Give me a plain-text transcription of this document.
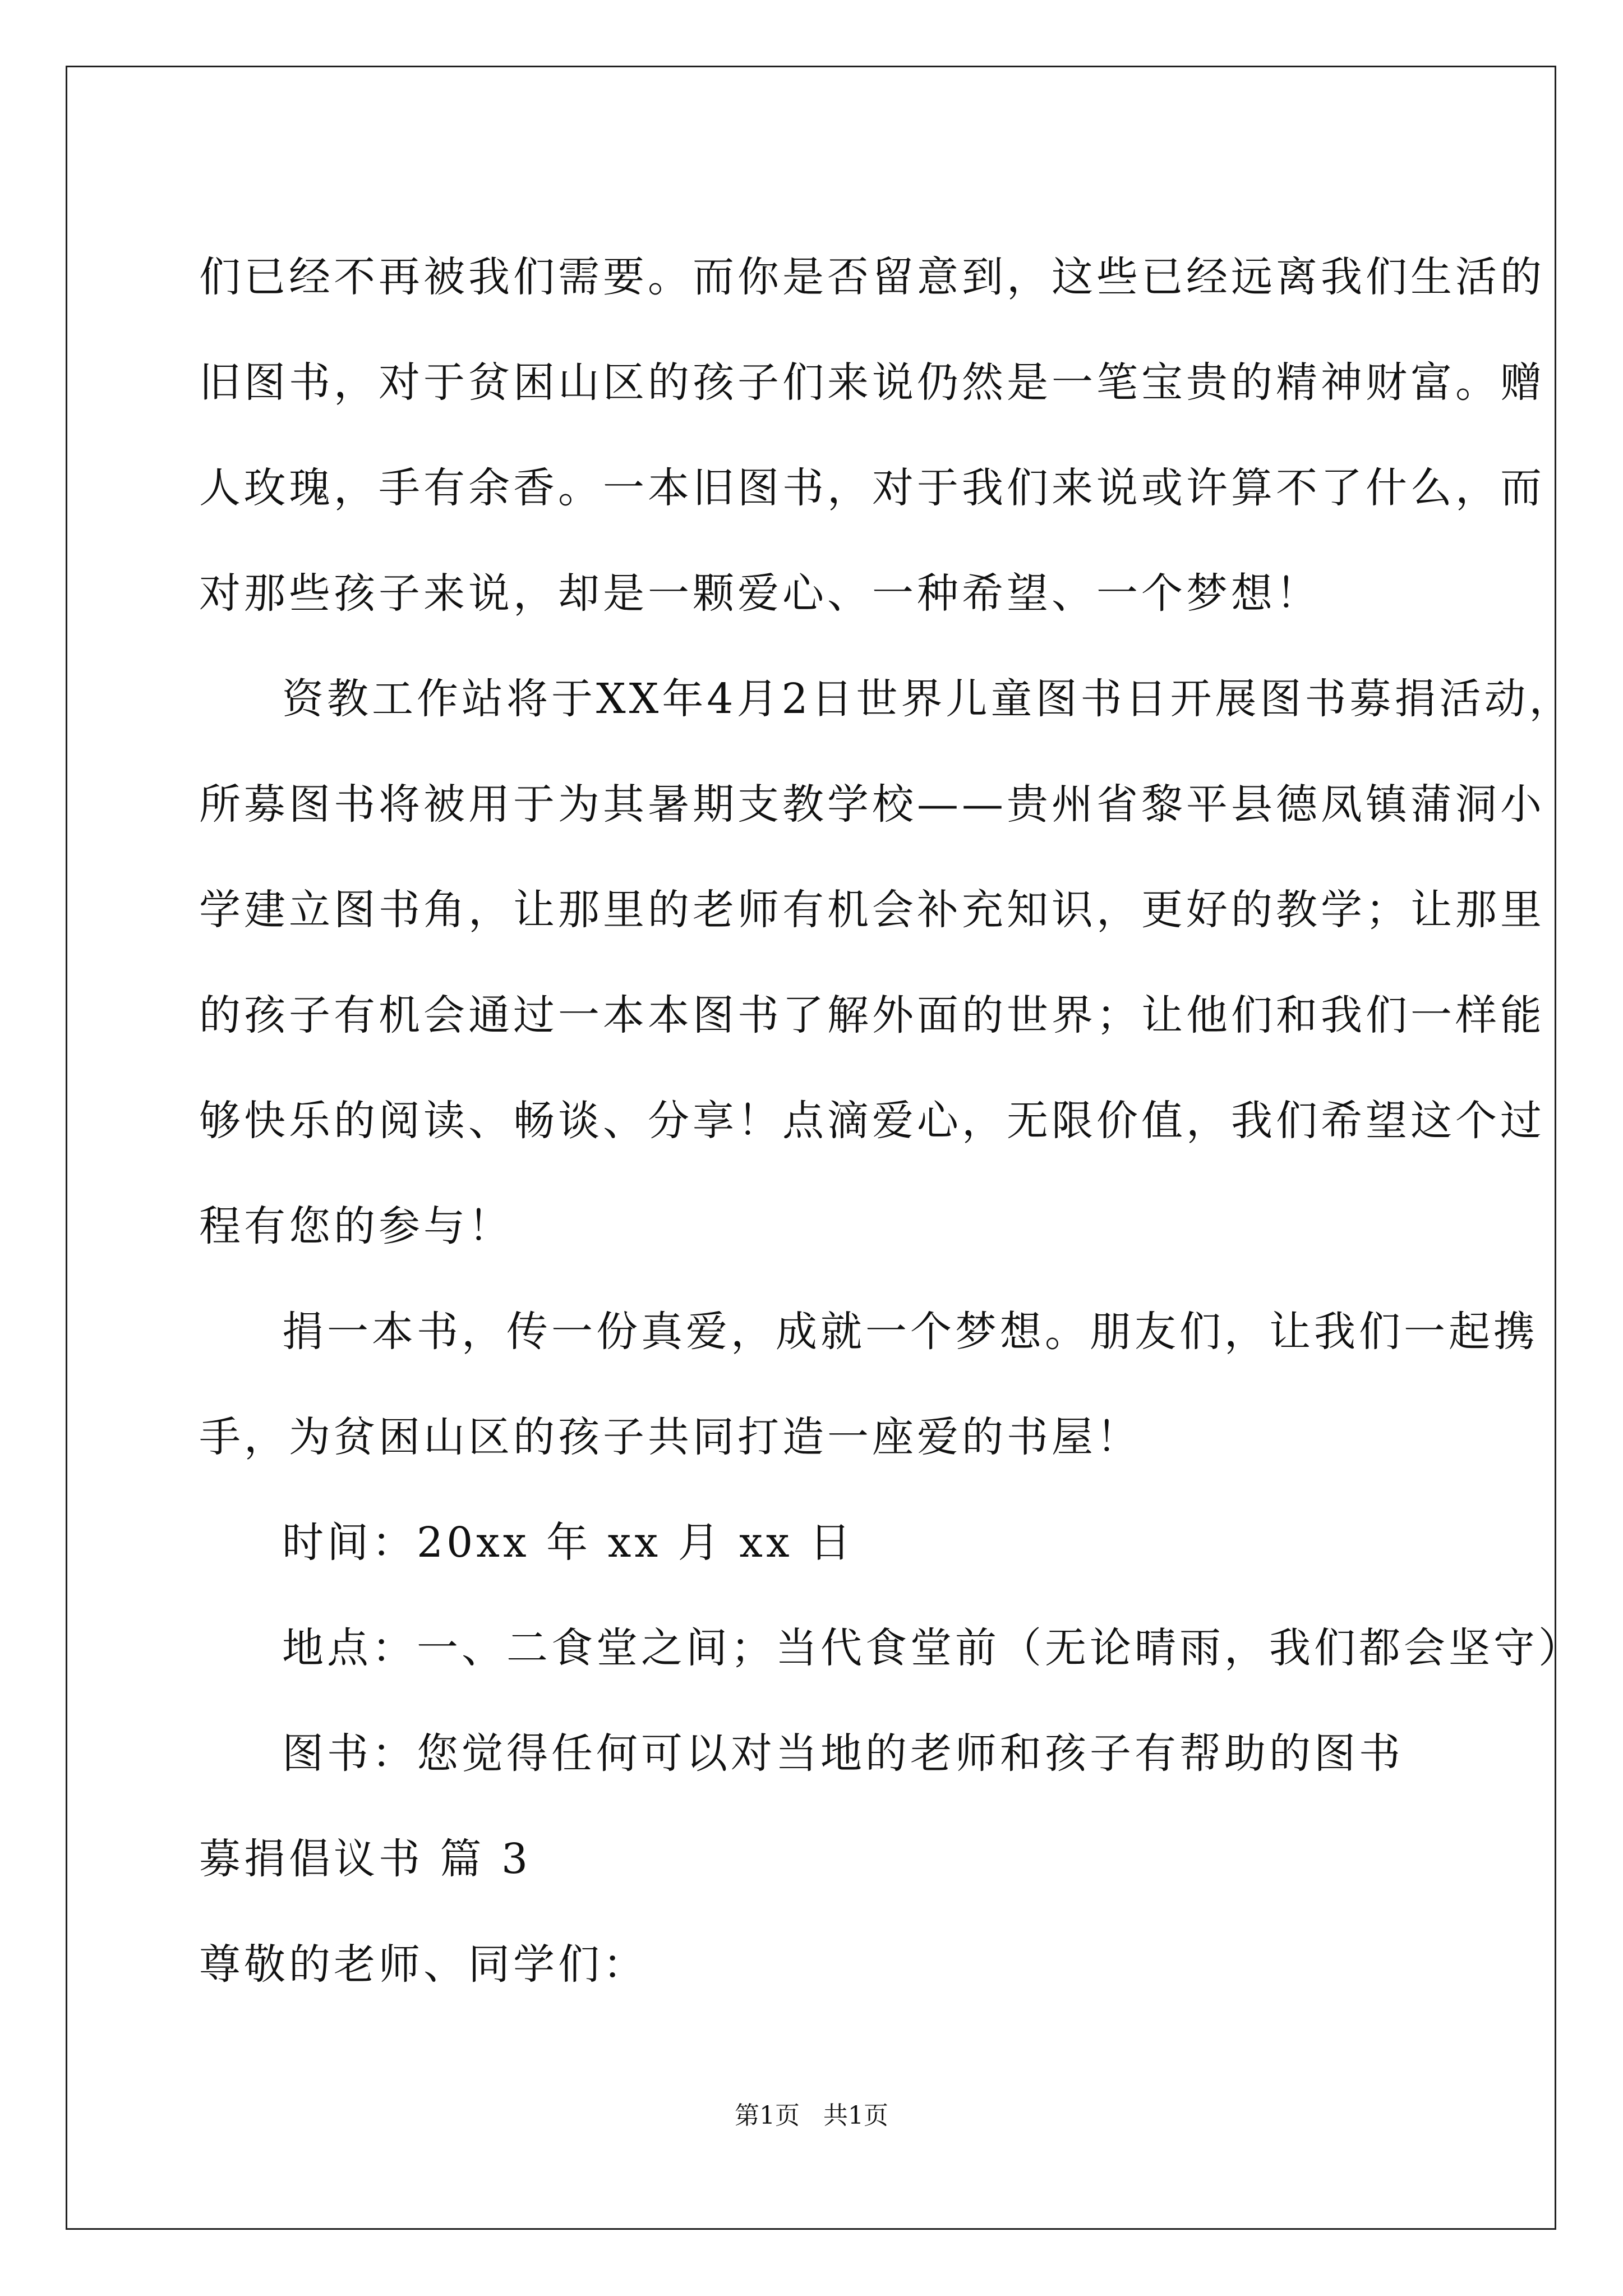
们已经不再被我们需要。而你是否留意到，这些已经远离我们生活的
旧图书，对于贫困山区的孩子们来说仍然是一笔宝贵的精神财富。赠
人玫瑰，手有余香。一本旧图书，对于我们来说或许算不了什么，而
对那些孩子来说，却是一颗爱心、一种希望、一个梦想！
资教工作站将于XX年4月2日世界儿童图书日开展图书募捐活动，
所募图书将被用于为其暑期支教学校——贵州省黎平县德凤镇蒲洞小
学建立图书角，让那里的老师有机会补充知识，更好的教学；让那里
的孩子有机会通过一本本图书了解外面的世界；让他们和我们一样能
够快乐的阅读、畅谈、分享！点滴爱心，无限价值，我们希望这个过
程有您的参与！
捐一本书，传一份真爱，成就一个梦想。朋友们，让我们一起携
手，为贫困山区的孩子共同打造一座爱的书屋！
时间：20xx 年 xx 月 xx 日
地点：一、二食堂之间；当代食堂前（无论晴雨，我们都会坚守）
图书：您觉得任何可以对当地的老师和孩子有帮助的图书
募捐倡议书 篇 3
尊敬的老师、同学们：
第1页   共1页
